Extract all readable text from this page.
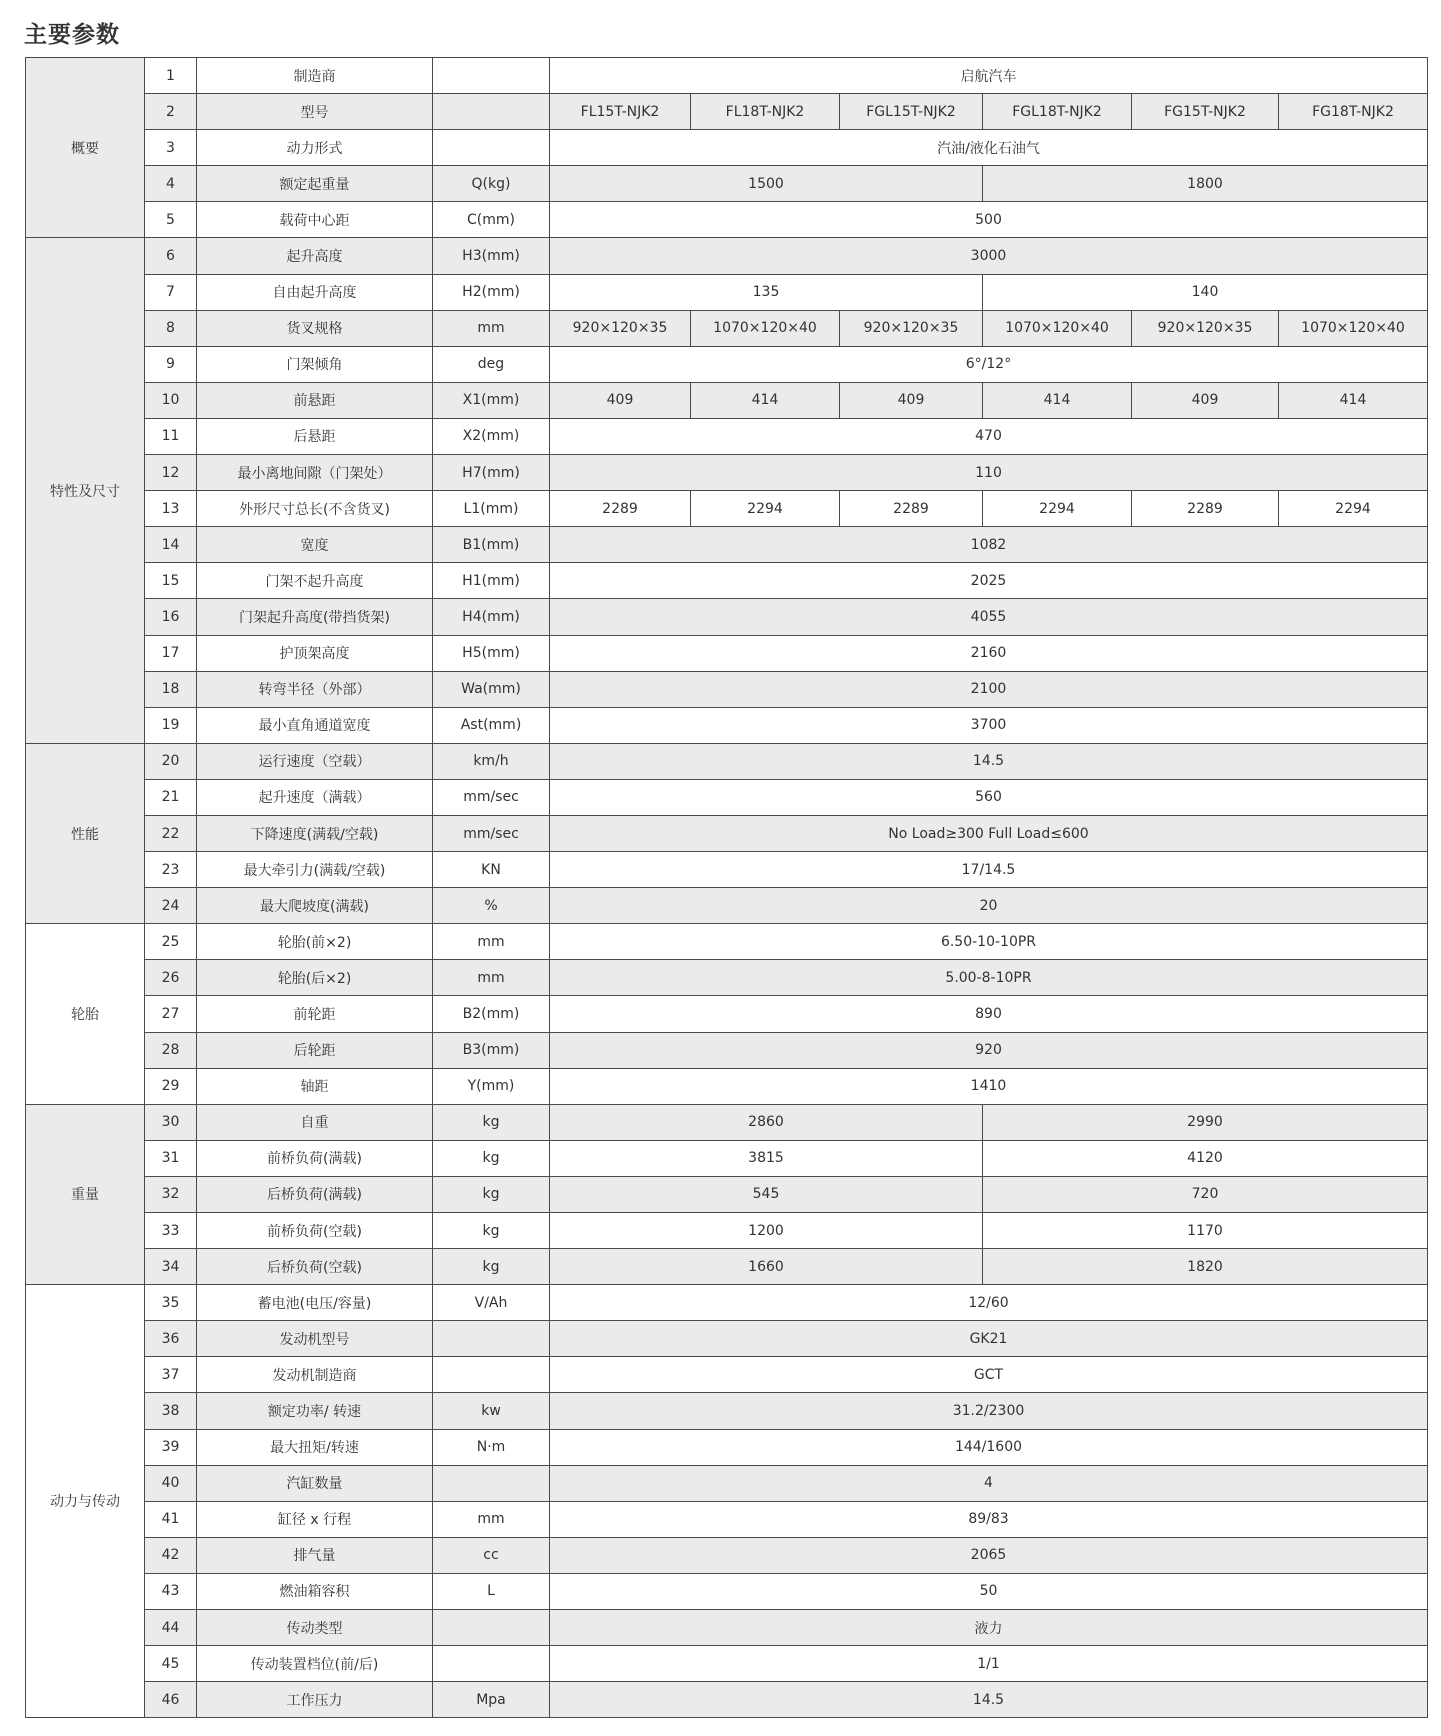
主要参数
概要	1	制造商		启航汽车					
	2	型号		FL15T-NJK2	FL18T-NJK2	FGL15T-NJK2	FGL18T-NJK2	FG15T-NJK2	FG18T-NJK2
	3	动力形式		汽油/液化石油气					
	4	额定起重量	Q(kg)	1500			1800		
	5	载荷中心距	C(mm)	500					
特性及尺寸	6	起升高度	H3(mm)	3000					
	7	自由起升高度	H2(mm)	135			140		
	8	货叉规格	mm	920×120×35	1070×120×40	920×120×35	1070×120×40	920×120×35	1070×120×40
	9	门架倾角	deg	6°/12°					
	10	前悬距	X1(mm)	409	414	409	414	409	414
	11	后悬距	X2(mm)	470					
	12	最小离地间隙（门架处）	H7(mm)	110					
	13	外形尺寸总长(不含货叉)	L1(mm)	2289	2294	2289	2294	2289	2294
	14	宽度	B1(mm)	1082					
	15	门架不起升高度	H1(mm)	2025					
	16	门架起升高度(带挡货架)	H4(mm)	4055					
	17	护顶架高度	H5(mm)	2160					
	18	转弯半径（外部）	Wa(mm)	2100					
	19	最小直角通道宽度	Ast(mm)	3700					
性能	20	运行速度（空载）	km/h	14.5					
	21	起升速度（满载）	mm/sec	560					
	22	下降速度(满载/空载)	mm/sec	No Load≥300 Full Load≤600					
	23	最大牵引力(满载/空载)	KN	17/14.5					
	24	最大爬坡度(满载)	%	20					
轮胎	25	轮胎(前×2)	mm	6.50-10-10PR					
	26	轮胎(后×2)	mm	5.00-8-10PR					
	27	前轮距	B2(mm)	890					
	28	后轮距	B3(mm)	920					
	29	轴距	Y(mm)	1410					
重量	30	自重	kg	2860			2990		
	31	前桥负荷(满载)	kg	3815			4120		
	32	后桥负荷(满载)	kg	545			720		
	33	前桥负荷(空载)	kg	1200			1170		
	34	后桥负荷(空载)	kg	1660			1820		
动力与传动	35	蓄电池(电压/容量)	V/Ah	12/60					
	36	发动机型号		GK21					
	37	发动机制造商		GCT					
	38	额定功率/ 转速	kw	31.2/2300					
	39	最大扭矩/转速	N·m	144/1600					
	40	汽缸数量		4					
	41	缸径 x 行程	mm	89/83					
	42	排气量	cc	2065					
	43	燃油箱容积	L	50					
	44	传动类型		液力					
	45	传动装置档位(前/后)		1/1					
	46	工作压力	Mpa	14.5					
